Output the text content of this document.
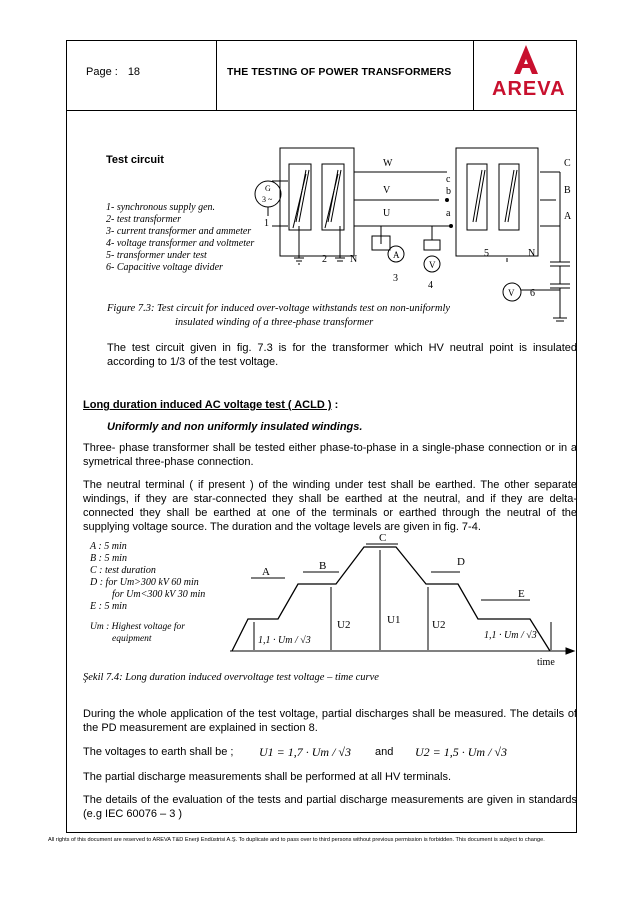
Page : 18	THE TESTING OF POWER TRANSFORMERS
AREVA
Test circuit
1- synchronous supply gen.
2- test transformer
3- current transformer and ammeter
4- voltage transformer and voltmeter
5- transformer under test
6- Capacitive voltage divider
G
3 ~
1
2 N
W
V
U
A
V
3
4
c
b
a
C
B
A
5	N
V 6
Figure 7.3: Test circuit for induced over-voltage withstands test on non-uniformly
insulated winding of a three-phase transformer
The test circuit given in fig. 7.3 is for the transformer which HV neutral point is insulated according to 1/3 of the test voltage.
Long duration induced AC voltage test ( ACLD ) :
Uniformly and non uniformly insulated windings.
Three- phase transformer shall be tested either phase-to-phase in a single-phase connection or in a symetrical three-phase connection.
The neutral terminal ( if present ) of the winding under test shall be earthed. The other separate windings, if they are star-connected they shall be earthed at the neutral, and if they are delta-connected they shall be earthed at one of the terminals or earthed through the neutral of the supplying voltage source. The duration and the voltage levels are given in fig. 7-4.
A : 5 min
B : 5 min
C : test duration
D : for Um>300 kV 60 min
for Um<300 kV 30 min
E : 5 min
Um : Highest voltage for
equipment
A	B
C
D
E
U2	U1	U2
time
1,1 · Um / √3	1,1 · Um / √3
Şekil 7.4: Long duration induced overvoltage test voltage – time curve
During the whole application of the test voltage, partial discharges shall be measured. The details of the PD measurement are explained in section 8.
The voltages to earth shall be ; U1 = 1,7 · Um / √3 and U2 = 1,5 · Um / √3
The partial discharge measurements shall be performed at all HV terminals.
The details of the evaluation of the tests and partial discharge measurements are given in standards (e.g IEC 60076 – 3 )
All rights of this document are reserved to AREVA T&D Enerji Endüstrisi A.Ş. To duplicate and to pass over to third persons without previous permission is forbidden. This document is subject to change.
